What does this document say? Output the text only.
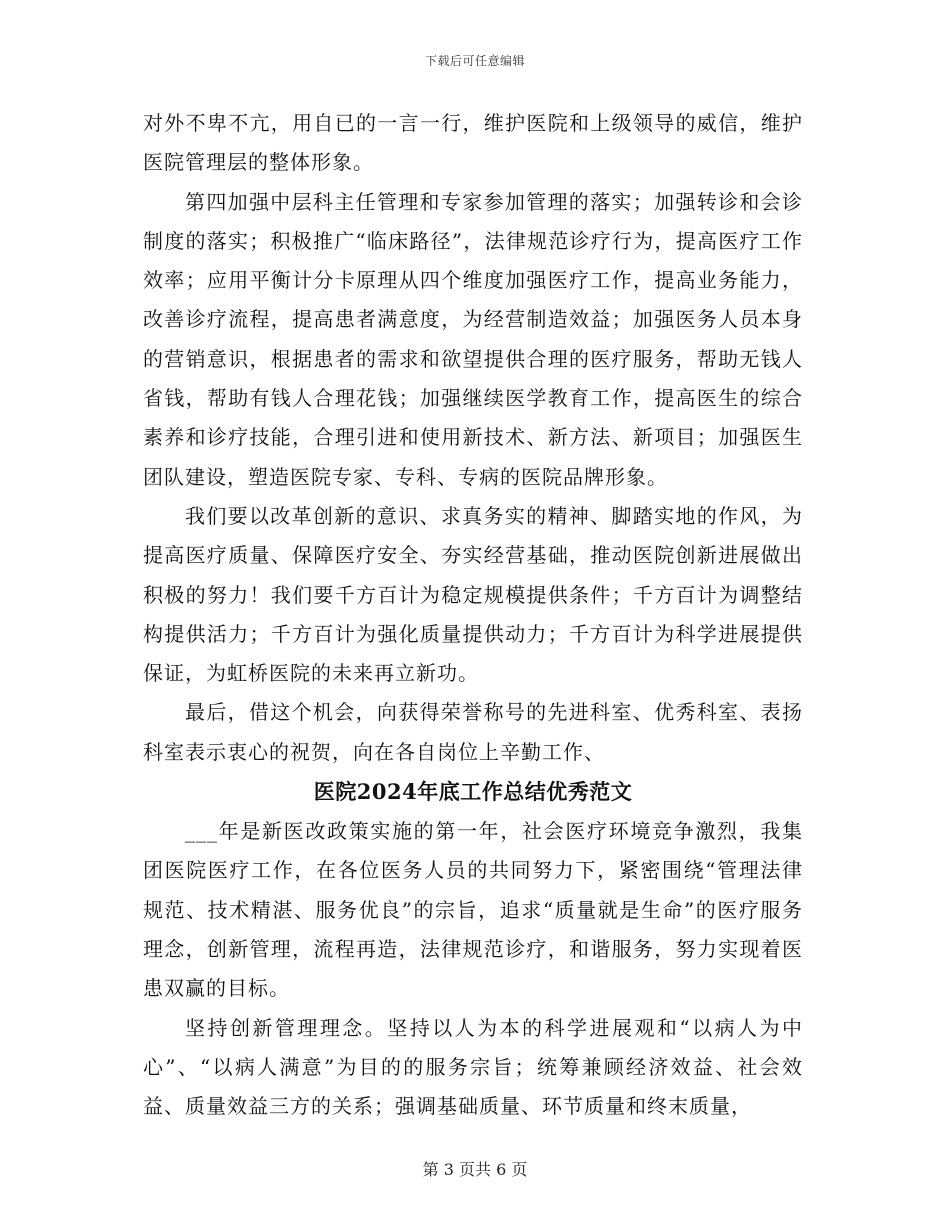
下载后可任意编辑

对外不卑不亢，用自已的一言一行，维护医院和上级领导的威信，维护医院管理层的整体形象。

第四加强中层科主任管理和专家参加管理的落实；加强转诊和会诊制度的落实；积极推广“临床路径”，法律规范诊疗行为，提高医疗工作效率；应用平衡计分卡原理从四个维度加强医疗工作，提高业务能力，改善诊疗流程，提高患者满意度，为经营制造效益；加强医务人员本身的营销意识，根据患者的需求和欲望提供合理的医疗服务，帮助无钱人省钱，帮助有钱人合理花钱；加强继续医学教育工作，提高医生的综合素养和诊疗技能，合理引进和使用新技术、新方法、新项目；加强医生团队建设，塑造医院专家、专科、专病的医院品牌形象。

我们要以改革创新的意识、求真务实的精神、脚踏实地的作风，为提高医疗质量、保障医疗安全、夯实经营基础，推动医院创新进展做出积极的努力！我们要千方百计为稳定规模提供条件；千方百计为调整结构提供活力；千方百计为强化质量提供动力；千方百计为科学进展提供保证，为虹桥医院的未来再立新功。

最后，借这个机会，向获得荣誉称号的先进科室、优秀科室、表扬科室表示衷心的祝贺，向在各自岗位上辛勤工作、

医院2024年底工作总结优秀范文

___年是新医改政策实施的第一年，社会医疗环境竞争激烈，我集团医院医疗工作，在各位医务人员的共同努力下，紧密围绕“管理法律规范、技术精湛、服务优良”的宗旨，追求“质量就是生命”的医疗服务理念，创新管理，流程再造，法律规范诊疗，和谐服务，努力实现着医患双赢的目标。

坚持创新管理理念。坚持以人为本的科学进展观和“以病人为中心”、“以病人满意”为目的的服务宗旨；统筹兼顾经济效益、社会效益、质量效益三方的关系；强调基础质量、环节质量和终末质量，

第 3 页共 6 页
